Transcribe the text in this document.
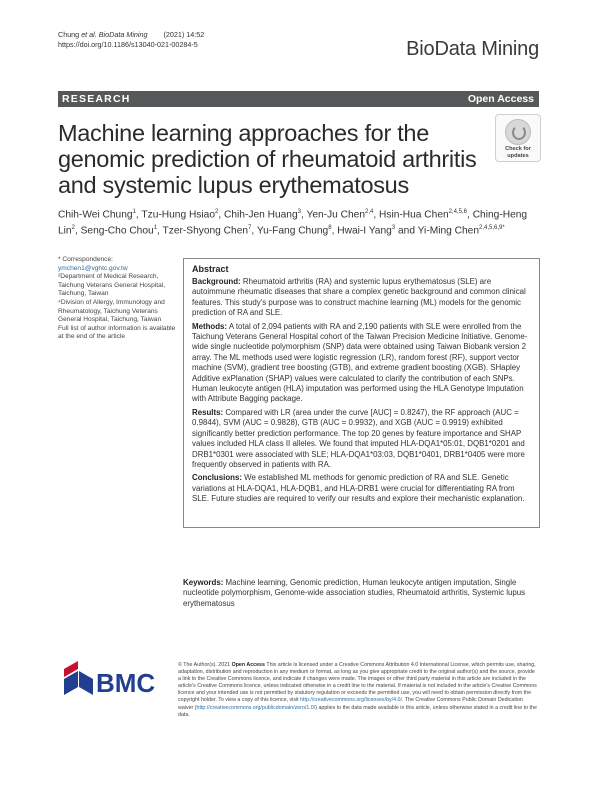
Chung et al. BioData Mining        (2021) 14:52
https://doi.org/10.1186/s13040-021-00284-5	BioData Mining
RESEARCH	Open Access
Machine learning approaches for the genomic prediction of rheumatoid arthritis and systemic lupus erythematosus
Check for
updates
Chih-Wei Chung$^1$, Tzu-Hung Hsiao$^2$, Chih-Jen Huang$^3$, Yen-Ju Chen$^{2,4}$, Hsin-Hua Chen$^{2,4,5,6}$, Ching-Heng Lin$^2$, Seng-Cho Chou$^1$, Tzer-Shyong Chen$^7$, Yu-Fang Chung$^8$, Hwai-I Yang$^3$ and Yi-Ming Chen$^{2,4,5,6,9*}$

* Correspondence: ymchen1@vghtc.gov.tw

²Department of Medical Research, Taichung Veterans General Hospital, Taichung, Taiwan

⁴Division of Allergy, Immunology and Rheumatology, Taichung Veterans General Hospital, Taichung, Taiwan

Full list of author information is available at the end of the article

Abstract

Background: Rheumatoid arthritis (RA) and systemic lupus erythematosus (SLE) are autoimmune rheumatic diseases that share a complex genetic background and common clinical features. This study's purpose was to construct machine learning (ML) models for the genomic prediction of RA and SLE.

Methods: A total of 2,094 patients with RA and 2,190 patients with SLE were enrolled from the Taichung Veterans General Hospital cohort of the Taiwan Precision Medicine Initiative. Genome-wide single nucleotide polymorphism (SNP) data were obtained using Taiwan Biobank version 2 array. The ML methods used were logistic regression (LR), random forest (RF), support vector machine (SVM), gradient tree boosting (GTB), and extreme gradient boosting (XGB). SHapley Additive exPlanation (SHAP) values were calculated to clarify the contribution of each SNPs. Human leukocyte antigen (HLA) imputation was performed using the HLA Genotype Imputation with Attribute Bagging package.

Results: Compared with LR (area under the curve [AUC] = 0.8247), the RF approach (AUC = 0.9844), SVM (AUC = 0.9828), GTB (AUC = 0.9932), and XGB (AUC = 0.9919) exhibited significantly better prediction performance. The top 20 genes by feature importance and SHAP values included HLA class II alleles. We found that imputed HLA-DQA1*05:01, DQB1*0201 and DRB1*0301 were associated with SLE; HLA-DQA1*03:03, DQB1*0401, DRB1*0405 were more frequently observed in patients with RA.

Conclusions: We established ML methods for genomic prediction of RA and SLE. Genetic variations at HLA-DQA1, HLA-DQB1, and HLA-DRB1 were crucial for differentiating RA from SLE. Future studies are required to verify our results and explore their mechanistic explanation.

Keywords: Machine learning, Genomic prediction, Human leukocyte antigen imputation, Single nucleotide polymorphism, Genome-wide association studies, Rheumatoid arthritis, Systemic lupus erythematosus
BMC
© The Author(s). 2021 Open Access This article is licensed under a Creative Commons Attribution 4.0 International License, which permits use, sharing, adaptation, distribution and reproduction in any medium or format, as long as you give appropriate credit to the original author(s) and the source, provide a link to the Creative Commons licence, and indicate if changes were made. The images or other third party material in this article are included in the article's Creative Commons licence, unless indicated otherwise in a credit line to the material. If material is not included in the article's Creative Commons licence and your intended use is not permitted by statutory regulation or exceeds the permitted use, you will need to obtain permission directly from the copyright holder. To view a copy of this licence, visit http://creativecommons.org/licenses/by/4.0/. The Creative Commons Public Domain Dedication waiver (http://creativecommons.org/publicdomain/zero/1.0/) applies to the data made available in this article, unless otherwise stated in a credit line to the data.
